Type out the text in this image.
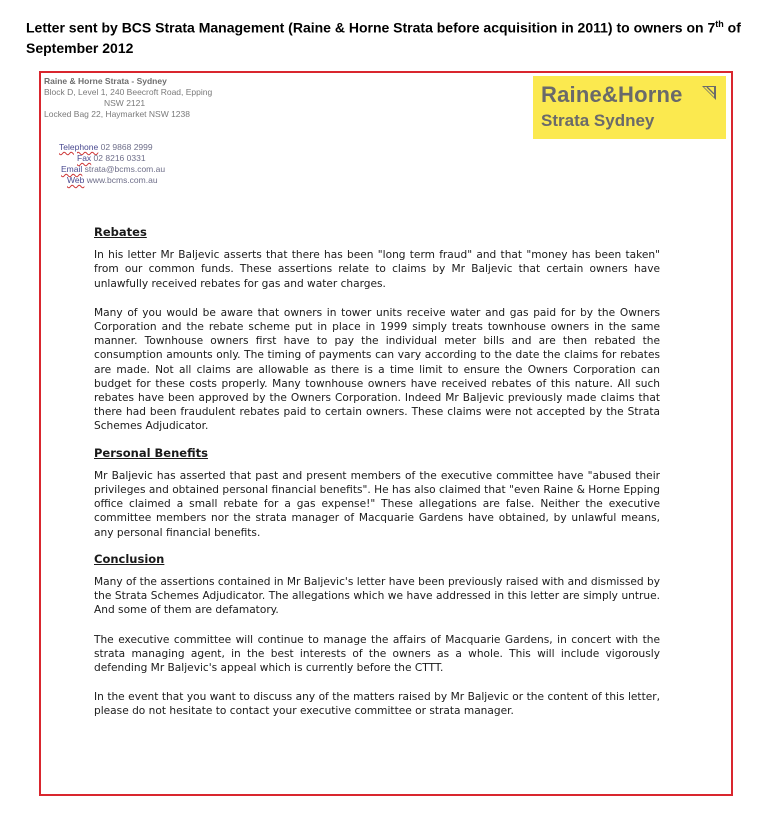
Letter sent by BCS Strata Management (Raine & Horne Strata before acquisition in 2011) to owners on 7th of September 2012
Raine & Horne Strata - Sydney
Block D, Level 1, 240 Beecroft Road, Epping
NSW 2121
Locked Bag 22, Haymarket NSW 1238
Telephone 02 9868 2999
Fax 02 8216 0331
Email strata@bcms.com.au
Web www.bcms.com.au
Raine&Horne
Strata Sydney
Rebates
In his letter Mr Baljevic asserts that there has been "long term fraud" and that "money has been taken" from our common funds. These assertions relate to claims by Mr Baljevic that certain owners have unlawfully received rebates for gas and water charges.
Many of you would be aware that owners in tower units receive water and gas paid for by the Owners Corporation and the rebate scheme put in place in 1999 simply treats townhouse owners in the same manner. Townhouse owners first have to pay the individual meter bills and are then rebated the consumption amounts only. The timing of payments can vary according to the date the claims for rebates are made. Not all claims are allowable as there is a time limit to ensure the Owners Corporation can budget for these costs properly. Many townhouse owners have received rebates of this nature. All such rebates have been approved by the Owners Corporation. Indeed Mr Baljevic previously made claims that there had been fraudulent rebates paid to certain owners. These claims were not accepted by the Strata Schemes Adjudicator.
Personal Benefits
Mr Baljevic has asserted that past and present members of the executive committee have "abused their privileges and obtained personal financial benefits". He has also claimed that "even Raine & Horne Epping office claimed a small rebate for a gas expense!" These allegations are false. Neither the executive committee members nor the strata manager of Macquarie Gardens have obtained, by unlawful means, any personal financial benefits.
Conclusion
Many of the assertions contained in Mr Baljevic's letter have been previously raised with and dismissed by the Strata Schemes Adjudicator. The allegations which we have addressed in this letter are simply untrue. And some of them are defamatory.
The executive committee will continue to manage the affairs of Macquarie Gardens, in concert with the strata managing agent, in the best interests of the owners as a whole. This will include vigorously defending Mr Baljevic's appeal which is currently before the CTTT.
In the event that you want to discuss any of the matters raised by Mr Baljevic or the content of this letter, please do not hesitate to contact your executive committee or strata manager.
